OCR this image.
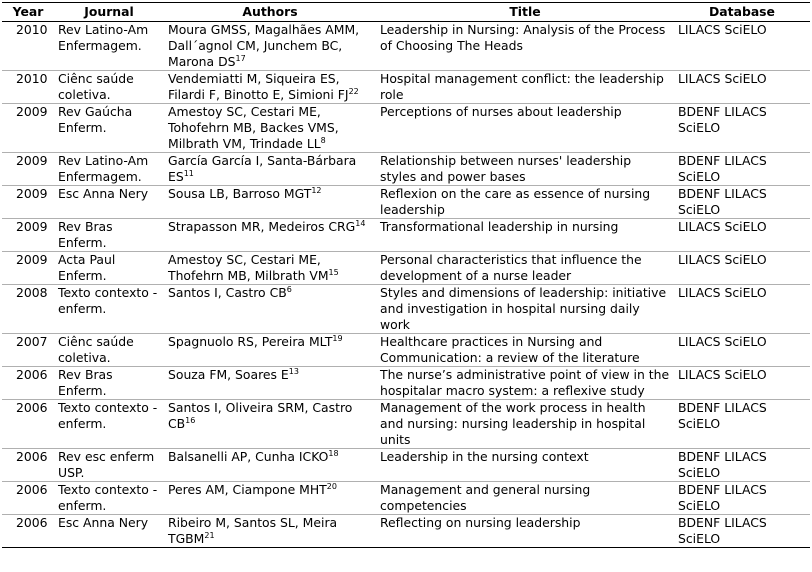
Year	Journal	Authors	Title	Database
2010	Rev Latino-Am Enfermagem.	Moura GMSS, Magalhães AMM, Dall´agnol CM, Junchem BC, Marona DS$^{17}$	Leadership in Nursing: Analysis of the Process of Choosing The Heads	LILACS SciELO
2010	Ciênc saúde coletiva.	Vendemiatti M, Siqueira ES, Filardi F, Binotto E, Simioni FJ$^{22}$	Hospital management conflict: the leadership role	LILACS SciELO
2009	Rev Gaúcha Enferm.	Amestoy SC, Cestari ME, Tohofehrn MB, Backes VMS, Milbrath VM, Trindade $LL^8$	Perceptions of nurses about leadership	BDENF LILACS SciELO
2009	Rev Latino-Am Enfermagem.	García García I, Santa-Bárbara ES$^{11}$	Relationship between nurses' leadership styles and power bases	BDENF LILACS SciELO
2009	Esc Anna Nery	Sousa LB, Barroso MGT$^{12}$	Reflexion on the care as essence of nursing leadership	BDENF LILACS SciELO
2009	Rev Bras Enferm.	Strapasson MR, Medeiros CRG$^{14}$	Transformational leadership in nursing	LILACS SciELO
2009	Acta Paul Enferm.	Amestoy SC, Cestari ME, Thofehrn MB, Milbrath VM$^{15}$	Personal characteristics that influence the development of a nurse leader	LILACS SciELO
2008	Texto contexto - enferm.	Santos I, Castro $CB^6$	Styles and dimensions of leadership: initiative and investigation in hospital nursing daily work	LILACS SciELO
2007	Ciênc saúde coletiva.	Spagnuolo RS, Pereira MLT$^{19}$	Healthcare practices in Nursing and Communication: a review of the literature	LILACS SciELO
2006	Rev Bras Enferm.	Souza FM, Soares $E^{13}$	The nurse’s administrative point of view in the hospitalar macro system: a reflexive study	LILACS SciELO
2006	Texto contexto - enferm.	Santos I, Oliveira SRM, Castro CB$^{16}$	Management of the work process in health and nursing: nursing leadership in hospital units	BDENF LILACS SciELO
2006	Rev esc enferm USP.	Balsanelli AP, Cunha ICKO$^{18}$	Leadership in the nursing context	BDENF LILACS SciELO
2006	Texto contexto - enferm.	Peres AM, Ciampone MHT$^{20}$	Management and general nursing competencies	BDENF LILACS SciELO
2006	Esc Anna Nery	Ribeiro M, Santos SL, Meira TGBM$^{21}$	Reflecting on nursing leadership	BDENF LILACS SciELO
